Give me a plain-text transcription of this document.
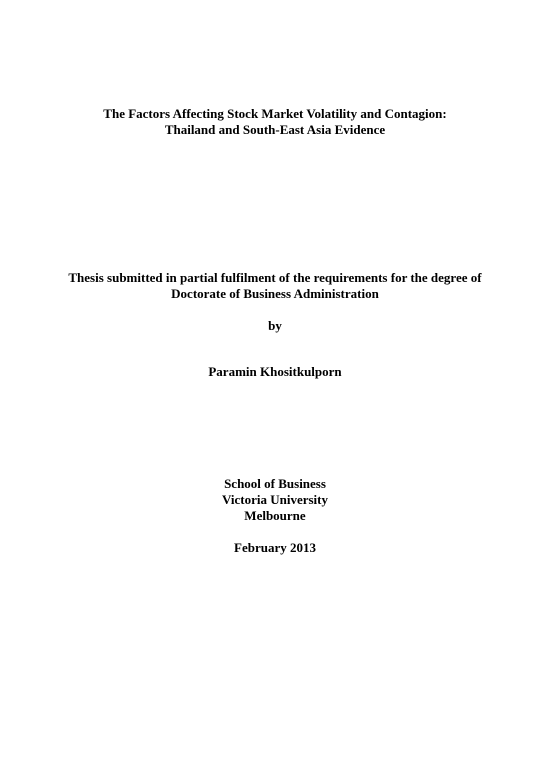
The Factors Affecting Stock Market Volatility and Contagion:
Thailand and South-East Asia Evidence
Thesis submitted in partial fulfilment of the requirements for the degree of
Doctorate of Business Administration
by
Paramin Khositkulporn
School of Business
Victoria University
Melbourne
February 2013
